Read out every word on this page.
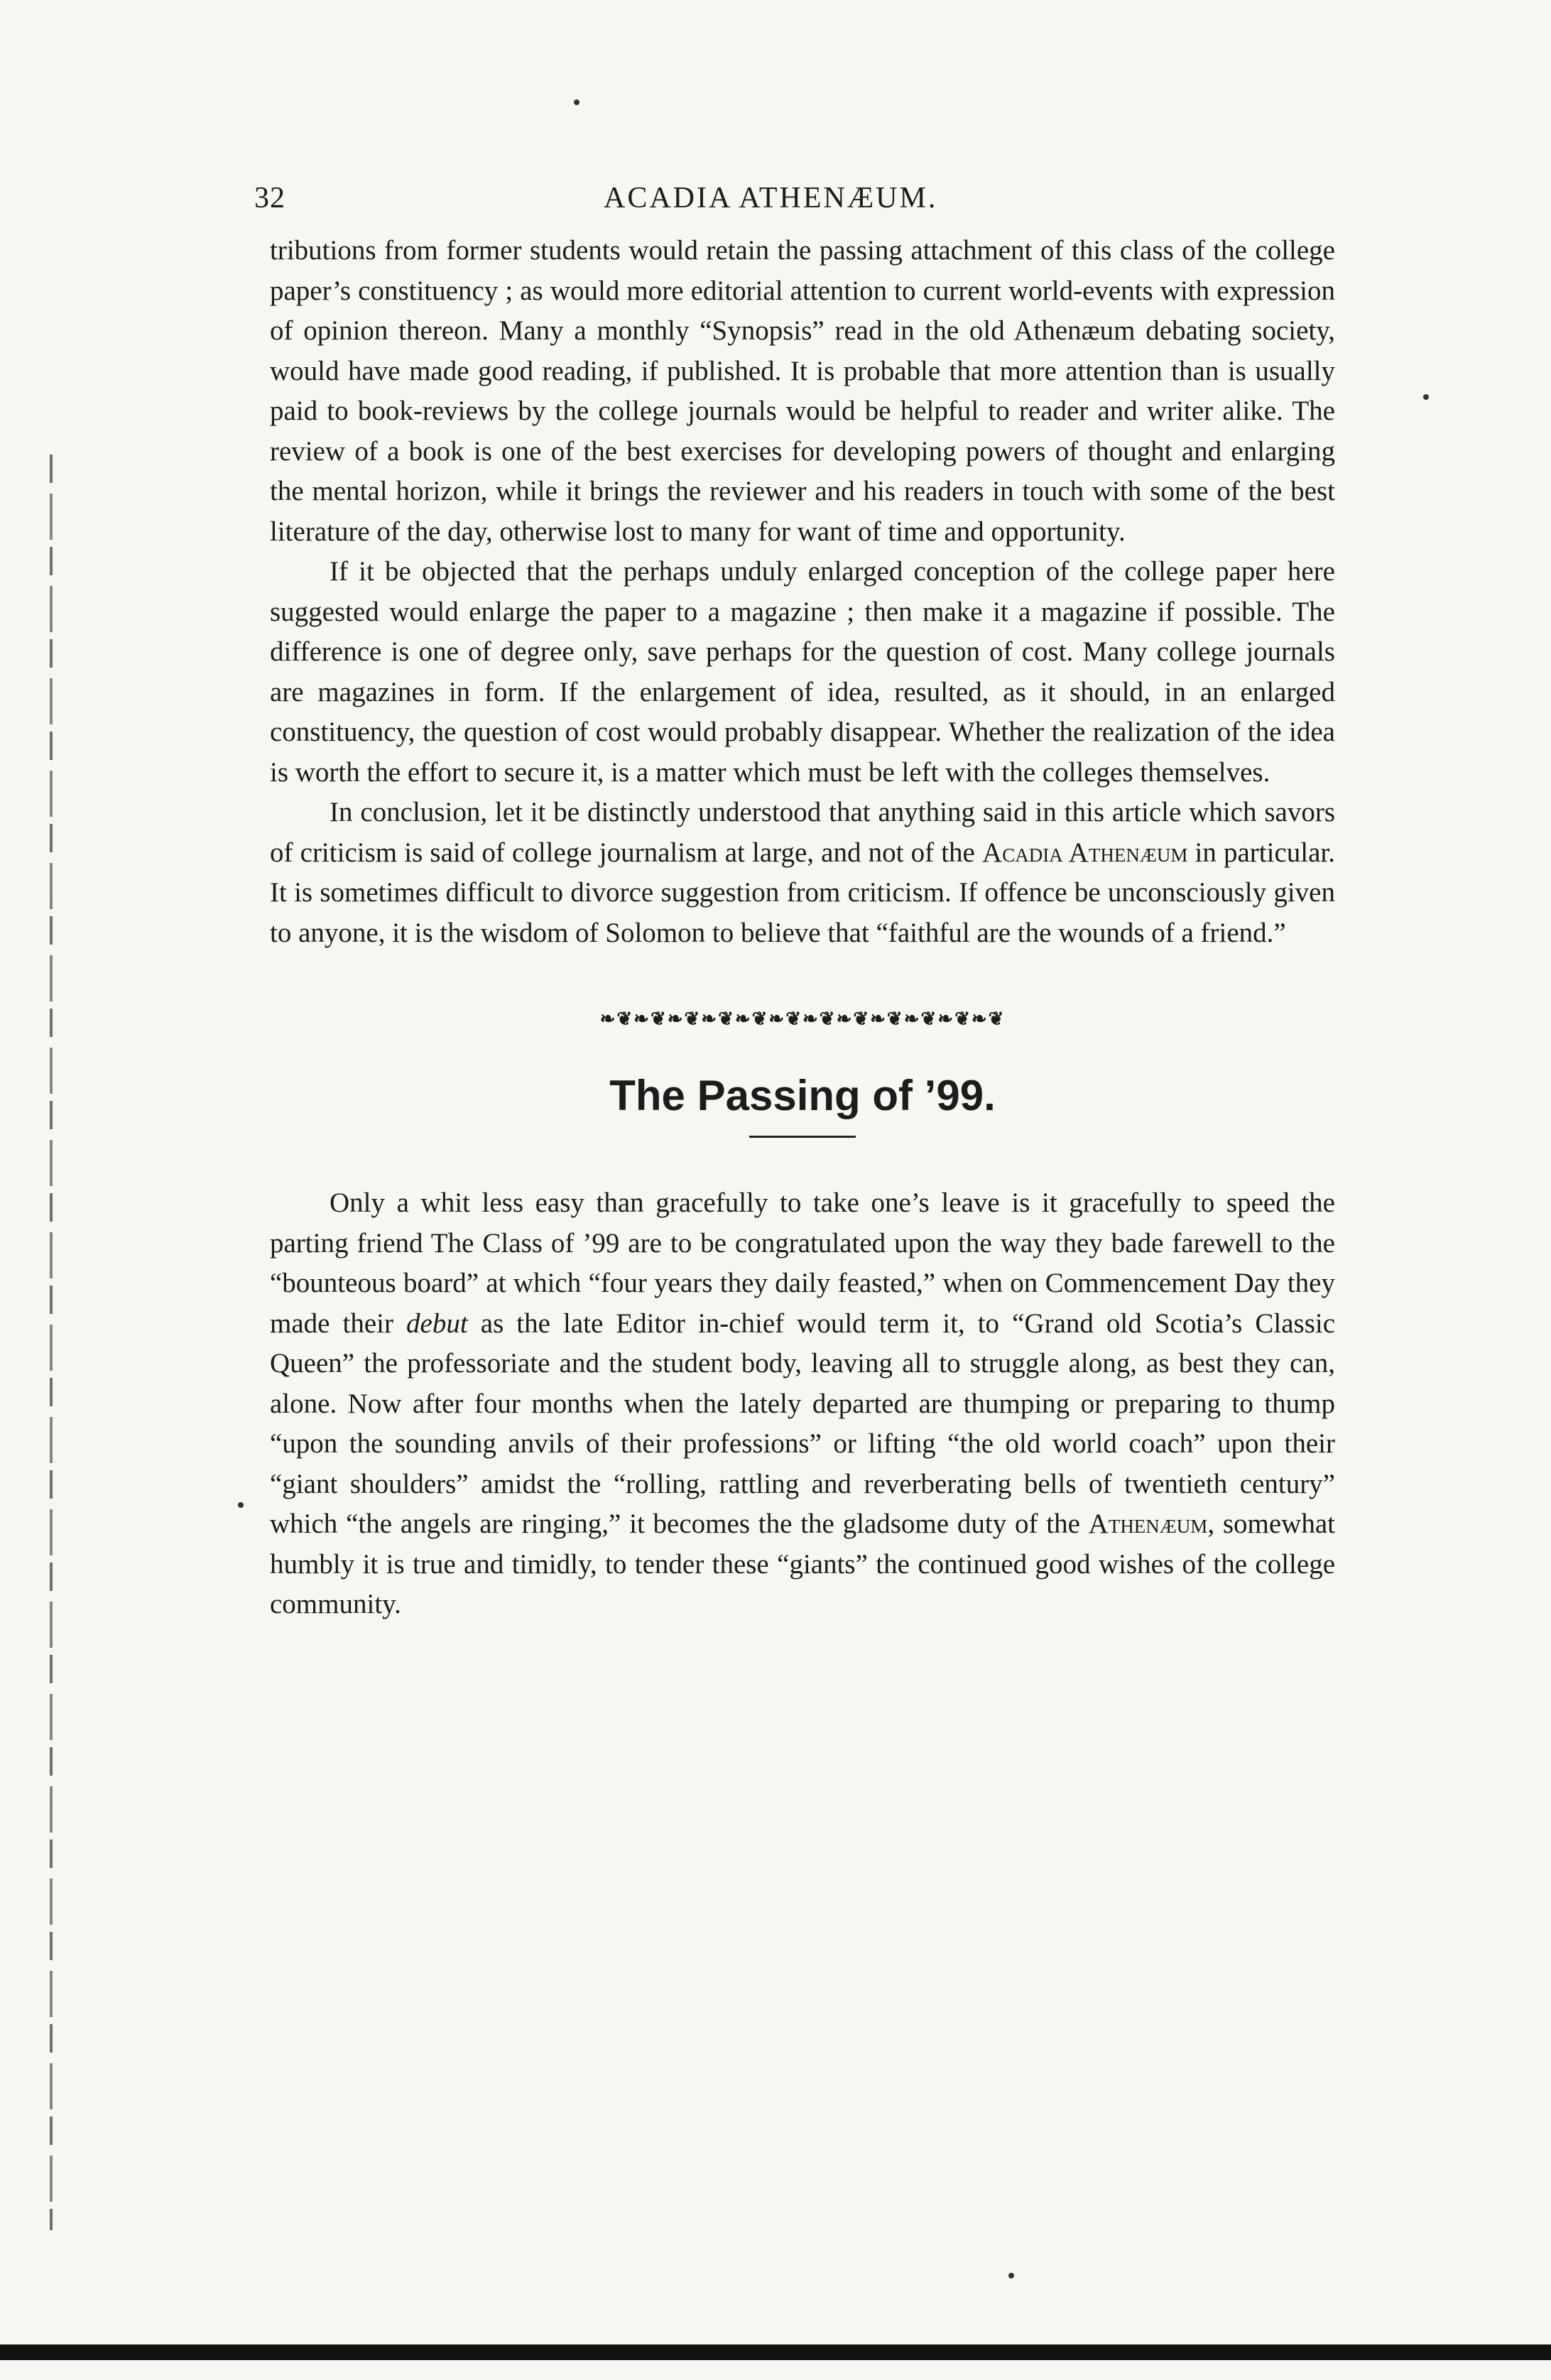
32	ACADIA ATHENÆUM.

tributions from former students would retain the passing attachment of this class of the college paper’s constituency ; as would more editorial attention to current world-events with expression of opinion thereon. Many a monthly “Synopsis” read in the old Athenæum debating society, would have made good reading, if published. It is probable that more attention than is usually paid to book-reviews by the college journals would be helpful to reader and writer alike. The review of a book is one of the best exercises for developing powers of thought and enlarging the mental horizon, while it brings the reviewer and his readers in touch with some of the best literature of the day, otherwise lost to many for want of time and opportunity.

If it be objected that the perhaps unduly enlarged conception of the college paper here suggested would enlarge the paper to a magazine ; then make it a magazine if possible. The difference is one of degree only, save perhaps for the question of cost. Many college journals are magazines in form. If the enlargement of idea, resulted, as it should, in an enlarged constituency, the question of cost would probably disappear. Whether the realization of the idea is worth the effort to secure it, is a matter which must be left with the colleges themselves.

In conclusion, let it be distinctly understood that anything said in this article which savors of criticism is said of college journalism at large, and not of the Acadia Athenæum in particular. It is sometimes difficult to divorce suggestion from criticism. If offence be unconsciously given to anyone, it is the wisdom of Solomon to believe that “faithful are the wounds of a friend.”

❧❦❧❦❧❦❧❦❧❦❧❦❧❦❧❦❧❦❧❦❧❦❧❦
The Passing of ’99.

Only a whit less easy than gracefully to take one’s leave is it gracefully to speed the parting friend The Class of ’99 are to be congratulated upon the way they bade farewell to the “bounteous board” at which “four years they daily feasted,” when on Commencement Day they made their debut as the late Editor in-chief would term it, to “Grand old Scotia’s Classic Queen” the professoriate and the student body, leaving all to struggle along, as best they can, alone. Now after four months when the lately departed are thumping or preparing to thump “upon the sounding anvils of their professions” or lifting “the old world coach” upon their “giant shoulders” amidst the “rolling, rattling and reverberating bells of twentieth century” which “the angels are ringing,” it becomes the the gladsome duty of the Athenæum, somewhat humbly it is true and timidly, to tender these “giants” the continued good wishes of the college community.
